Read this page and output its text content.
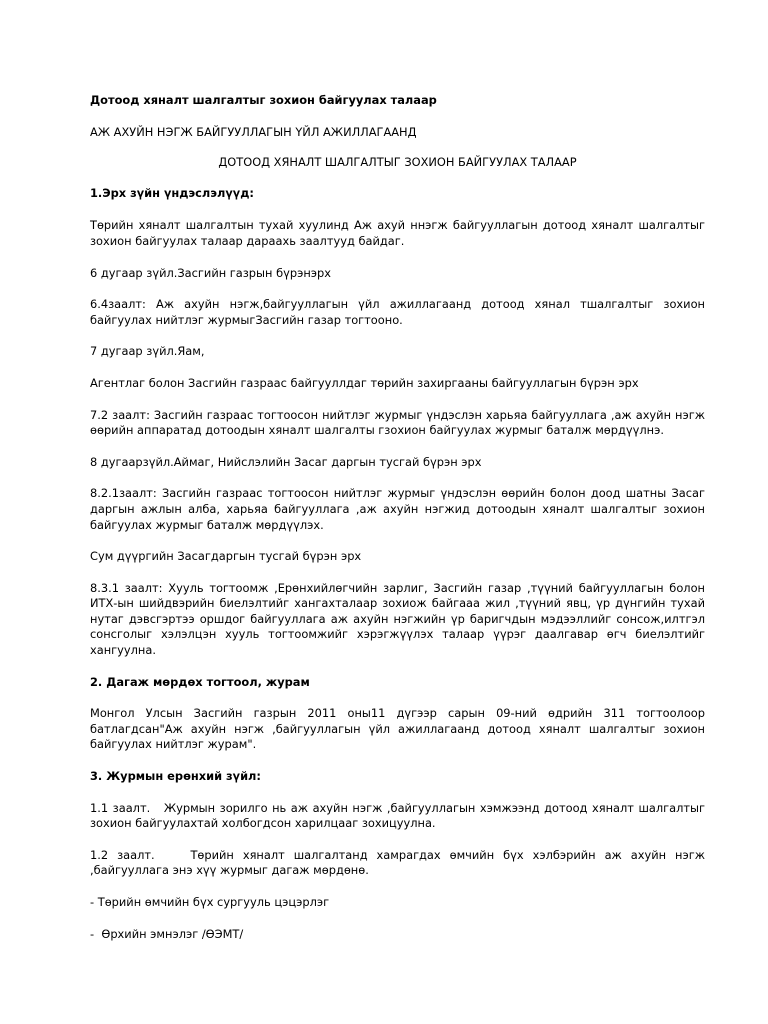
Дотоод хяналт шалгалтыг зохион байгуулах талаар

АЖ АХУЙН НЭГЖ БАЙГУУЛЛАГЫН ҮЙЛ АЖИЛЛАГААНД

ДОТООД ХЯНАЛТ ШАЛГАЛТЫГ ЗОХИОН БАЙГУУЛАХ ТАЛААР

1.Эрх зүйн үндэслэлүүд:

Төрийн хяналт шалгалтын тухай хуулинд Аж ахуй ннэгж байгууллагын дотоод хяналт шалгалтыг зохион байгуулах талаар дараахь заалтууд байдаг.

6 дугаар зүйл.Засгийн газрын бүрэнэрх

6.4заалт: Аж ахуйн нэгж,байгууллагын үйл ажиллагаанд дотоод хянал тшалгалтыг зохион байгуулах нийтлэг журмыгЗасгийн газар тогтооно.

7 дугаар зүйл.Яам,

Агентлаг болон Засгийн газраас байгууллдаг төрийн захиргааны байгууллагын бүрэн эрх

7.2 заалт: Засгийн газраас тогтоосон нийтлэг журмыг үндэслэн харьяа байгууллага ,аж ахуйн нэгж өөрийн аппаратад дотоодын хяналт шалгалты гзохион байгуулах журмыг баталж мөрдүүлнэ.

8 дугаарзүйл.Аймаг, Нийслэлийн Засаг даргын тусгай бүрэн эрх

8.2.1заалт: Засгийн газраас тогтоосон нийтлэг журмыг үндэслэн өөрийн болон доод шатны Засаг даргын ажлын алба, харьяа байгууллага ,аж ахуйн нэгжид дотоодын хяналт шалгалтыг зохион байгуулах журмыг баталж мөрдүүлэх.

Сум дүүргийн Засагдаргын тусгай бүрэн эрх

8.3.1 заалт: Хууль тогтоомж ,Ерөнхийлөгчийн зарлиг, Засгийн газар ,түүний байгууллагын болон ИТХ-ын шийдвэрийн биелэлтийг хангахталаар зохиож байгааа жил ,түүний явц, үр дүнгийн тухай нутаг дэвсгэртээ оршдог байгууллага аж ахуйн нэгжийн үр баригчдын мэдээллийг сонсож,илтгэл сонсголыг хэлэлцэн хууль тогтоомжийг хэрэгжүүлэх талаар үүрэг даалгавар өгч биелэлтийг хангуулна.

2. Дагаж мөрдөх тогтоол, журам

Монгол Улсын Засгийн газрын 2011 оны11 дүгээр сарын 09-ний өдрийн 311 тогтоолоор батлагдсан"Аж ахуйн нэгж ,байгууллагын үйл ажиллагаанд дотоод хяналт шалгалтыг зохион байгуулах нийтлэг журам".

3. Журмын ерөнхий зүйл:

1.1 заалт.   Журмын зорилго нь аж ахуйн нэгж ,байгууллагын хэмжээнд дотоод хяналт шалгалтыг зохион байгуулахтай холбогдсон харилцааг зохицуулна.

1.2 заалт.    Төрийн хяналт шалгалтанд хамрагдах өмчийн бүх хэлбэрийн аж ахуйн нэгж  ,байгууллага энэ хүү журмыг дагаж мөрдөнө.

- Төрийн өмчийн бүх сургууль цэцэрлэг

-  Өрхийн эмнэлэг /ӨЭМТ/
